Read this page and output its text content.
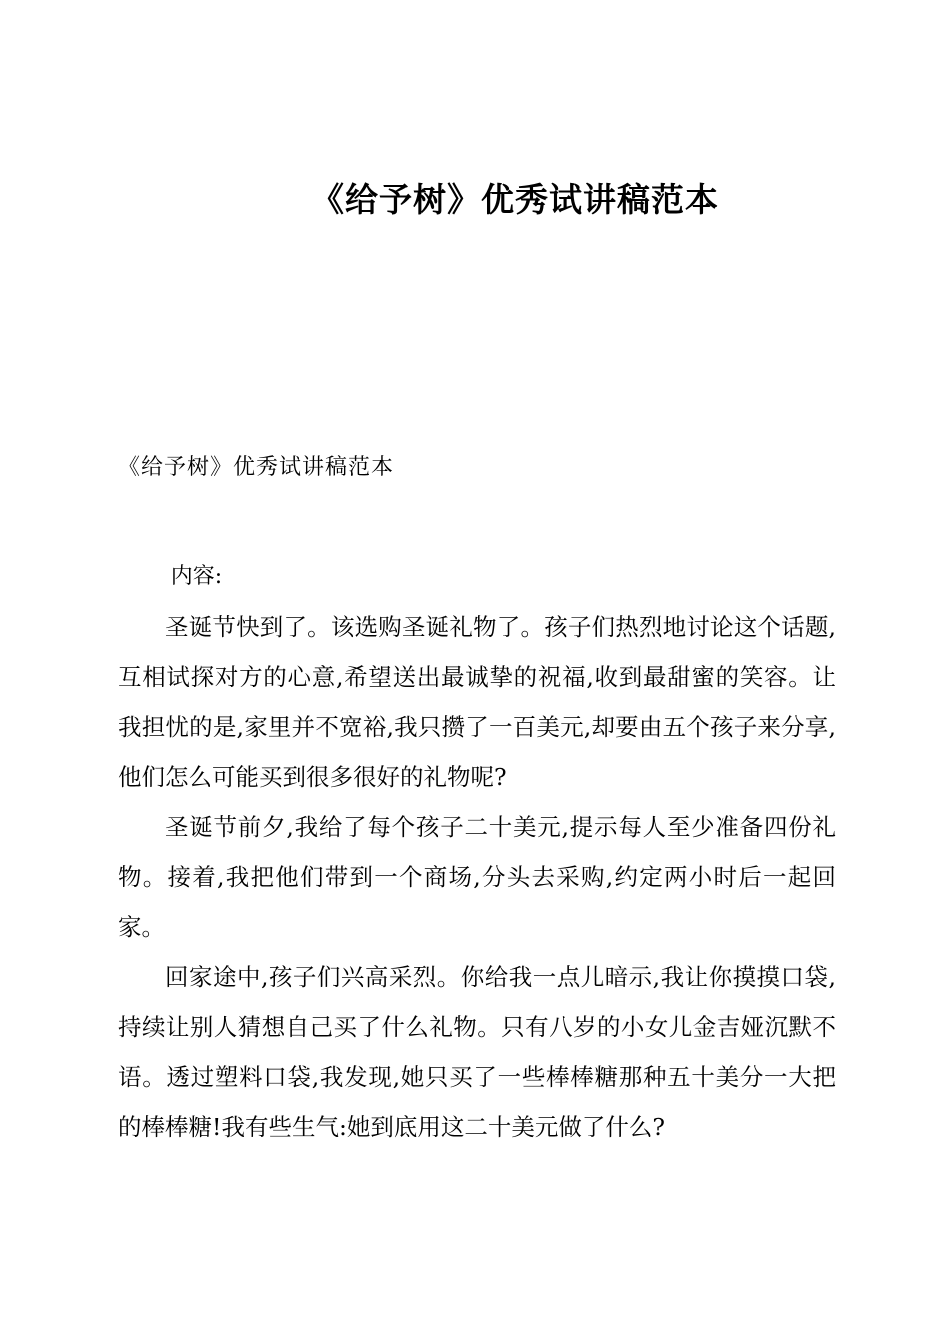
《给予树》优秀试讲稿范本
《给予树》优秀试讲稿范本

内容:

圣诞节快到了。该选购圣诞礼物了。孩子们热烈地讨论这个话题,互相试探对方的心意,希望送出最诚挚的祝福,收到最甜蜜的笑容。让我担忧的是,家里并不宽裕,我只攒了一百美元,却要由五个孩子来分享,他们怎么可能买到很多很好的礼物呢?

圣诞节前夕,我给了每个孩子二十美元,提示每人至少准备四份礼物。接着,我把他们带到一个商场,分头去采购,约定两小时后一起回家。

回家途中,孩子们兴高采烈。你给我一点儿暗示,我让你摸摸口袋,持续让别人猜想自己买了什么礼物。只有八岁的小女儿金吉娅沉默不语。透过塑料口袋,我发现,她只买了一些棒棒糖那种五十美分一大把的棒棒糖!我有些生气:她到底用这二十美元做了什么?
